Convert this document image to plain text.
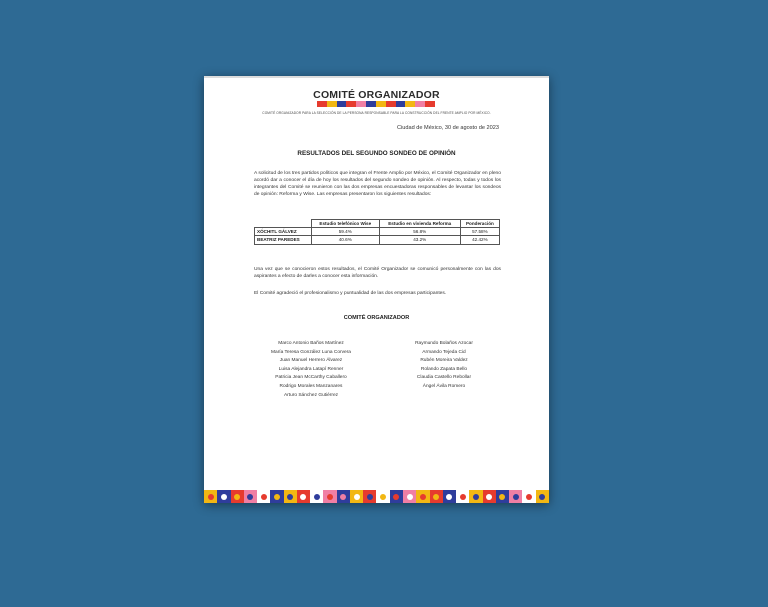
COMITÉ ORGANIZADOR
COMITÉ ORGANIZADOR PARA LA SELECCIÓN DE LA PERSONA RESPONSABLE PARA LA CONSTRUCCIÓN DEL FRENTE AMPLIO POR MÉXICO.
Ciudad de México, 30 de agosto de 2023
RESULTADOS DEL SEGUNDO SONDEO DE OPINIÓN

A solicitud de los tres partidos políticos que integran el Frente Amplio por México, el Comité Organizador en pleno acordó dar a conocer el día de hoy los resultados del segundo sondeo de opinión. Al respecto, todas y todos los integrantes del Comité se reunieron con las dos empresas encuestadoras responsables de levantar los sondeos de opinión: Reforma y Wise. Las empresas presentaron los siguientes resultados:

	Estudio telefónico Wise	Estudio en vivienda Reforma	Ponderación
XÓCHITL GÁLVEZ	59.4%	56.8%	57.58%
BEATRIZ PAREDES	40.6%	43.2%	42.42%

Una vez que se conocieron estos resultados, el Comité Organizador se comunicó personalmente con las dos aspirantes a efecto de darles a conocer esta información.

El Comité agradeció el profesionalismo y puntualidad de las dos empresas participantes.

COMITÉ ORGANIZADOR
Marco Antonio Baños Martínez
María Teresa González Luna Corvera
Juan Manuel Herrero Álvarez
Luisa Alejandra Latapí Renner
Patricia Jean McCarthy Caballero
Rodrigo Morales Manzanares
Arturo Sánchez Gutiérrez
Raymundo Bolaños Azocar
Armando Tejeda Cid
Rubén Moreira Valdez
Rolando Zapata Bello
Claudia Castello Rebollar
Ángel Ávila Romero
